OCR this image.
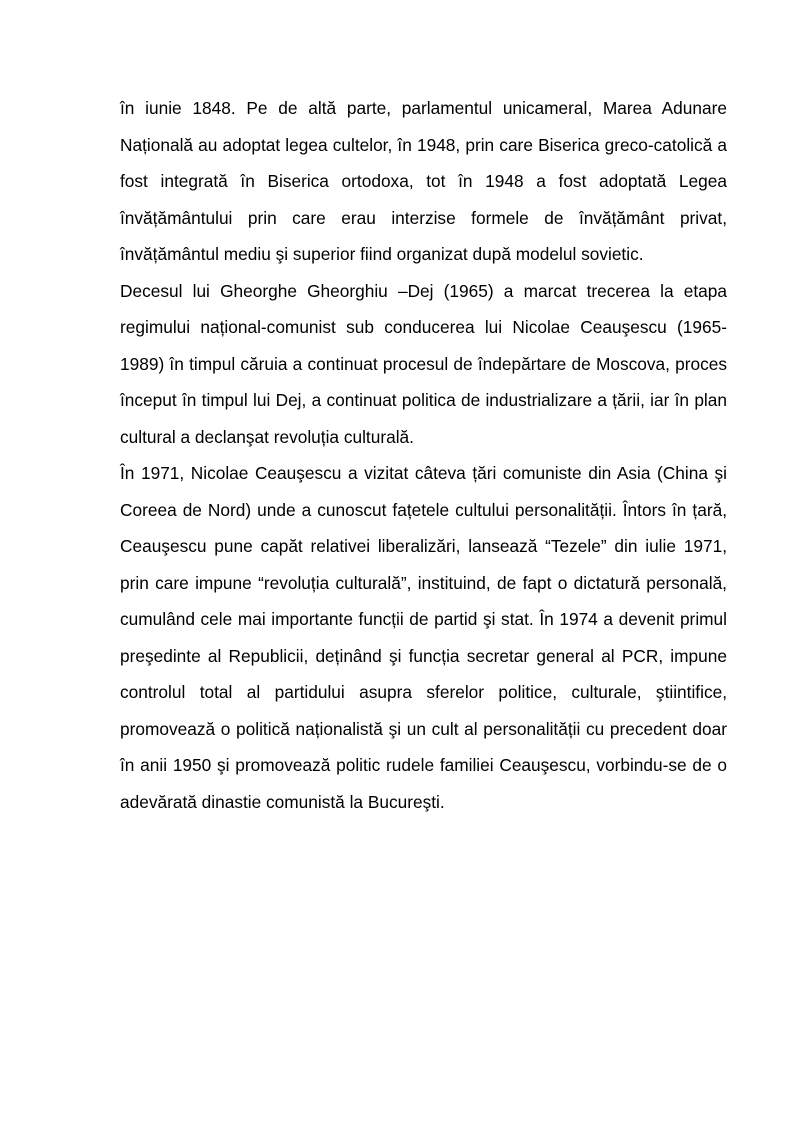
în iunie 1848. Pe de altă parte, parlamentul unicameral, Marea Adunare Națională au adoptat legea cultelor, în 1948, prin care Biserica greco-catolică a fost integrată în Biserica ortodoxa, tot în 1948 a fost adoptată Legea învățământului prin care erau interzise formele de învățământ privat, învățământul mediu şi superior fiind organizat după modelul sovietic.

Decesul lui Gheorghe Gheorghiu –Dej (1965) a marcat trecerea la etapa regimului național-comunist sub conducerea lui Nicolae Ceauşescu (1965-1989) în timpul căruia a continuat procesul de îndepărtare de Moscova, proces început în timpul lui Dej, a continuat politica de industrializare a țării, iar în plan cultural a declanşat revoluția culturală.

În 1971, Nicolae Ceauşescu a vizitat câteva țări comuniste din Asia (China şi Coreea de Nord) unde a cunoscut fațetele cultului personalității. Întors în țară, Ceauşescu pune capăt relativei liberalizări, lansează “Tezele” din iulie 1971, prin care impune “revoluția culturală”, instituind, de fapt o dictatură personală, cumulând cele mai importante funcții de partid şi stat. În 1974 a devenit primul preşedinte al Republicii, deținând şi funcția secretar general al PCR, impune controlul total al partidului asupra sferelor politice, culturale, ştiintifice, promovează o politică naționalistă şi un cult al personalității cu precedent doar în anii 1950 şi promovează politic rudele familiei Ceauşescu, vorbindu-se de o adevărată dinastie comunistă la Bucureşti.
